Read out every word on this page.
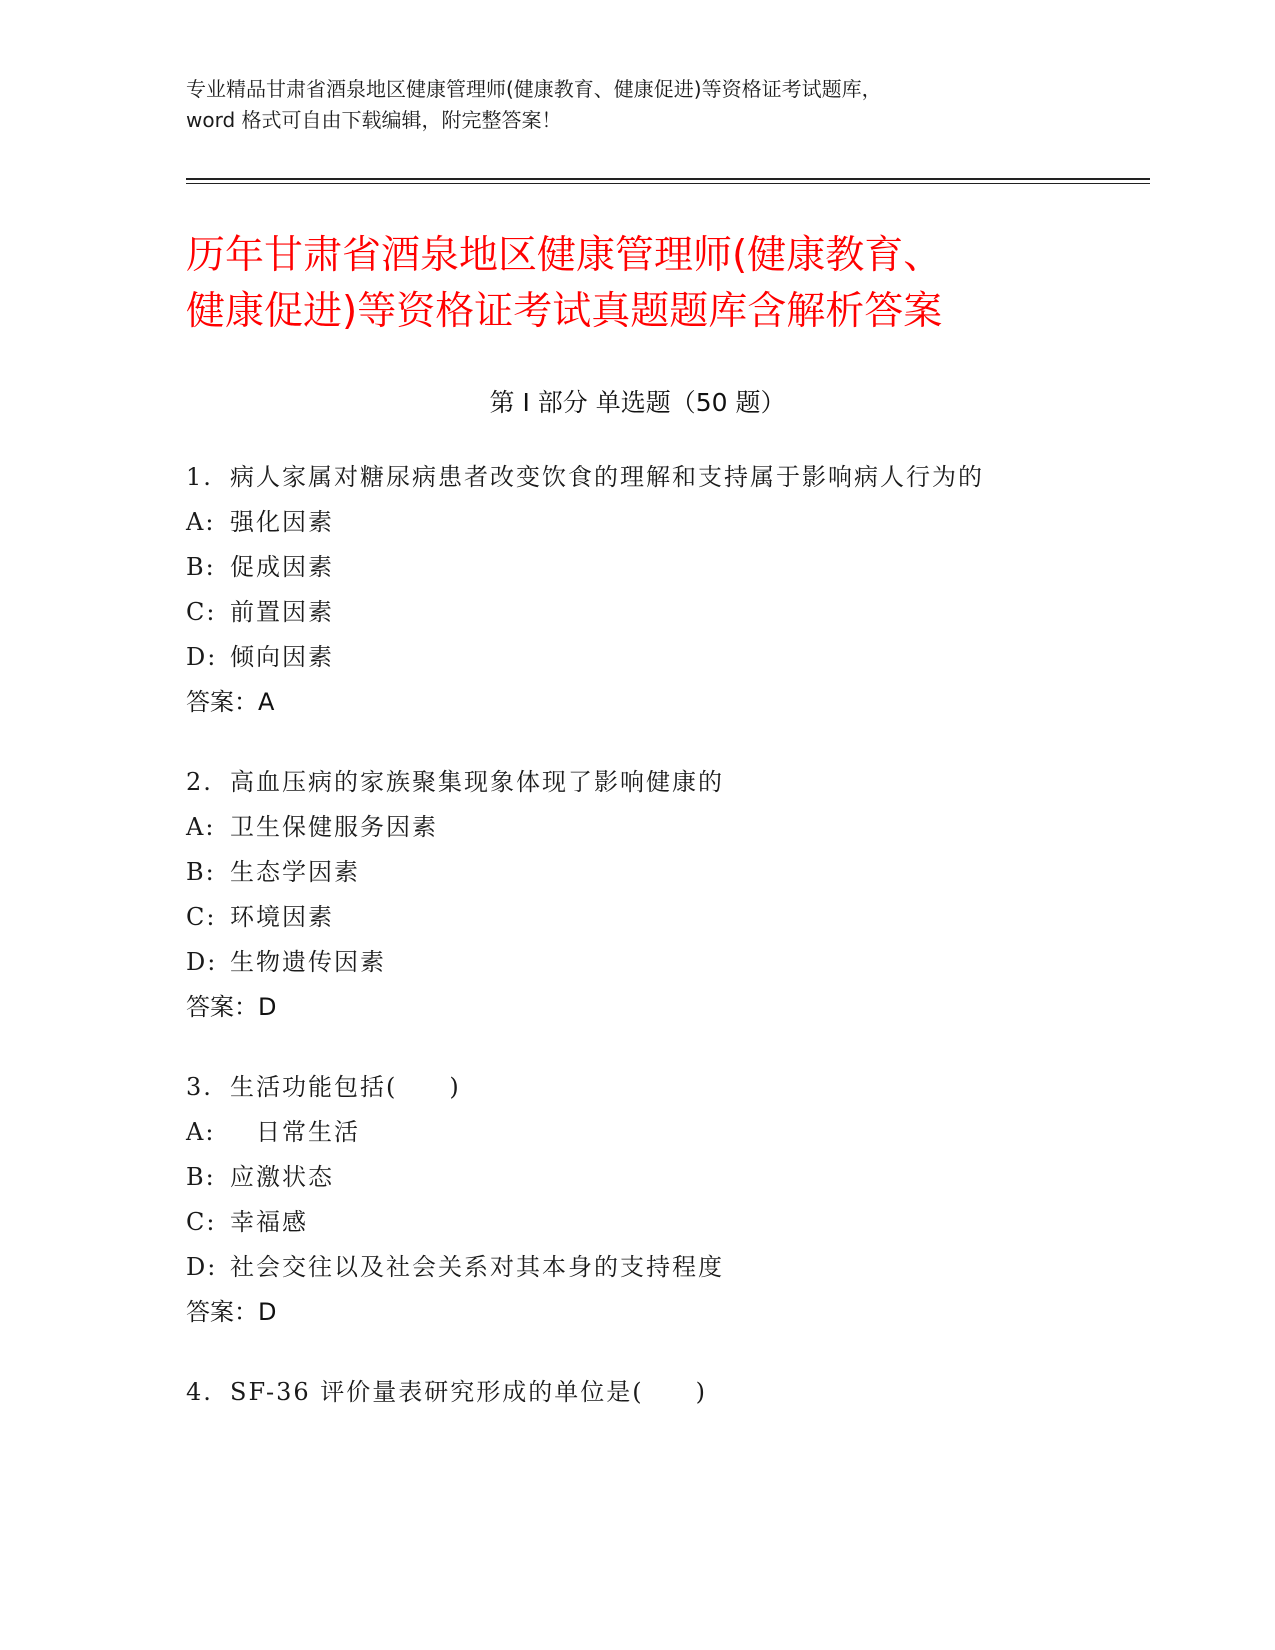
专业精品甘肃省酒泉地区健康管理师(健康教育、健康促进)等资格证考试题库，
word 格式可自由下载编辑，附完整答案！
历年甘肃省酒泉地区健康管理师(健康教育、
健康促进)等资格证考试真题题库含解析答案
第 I 部分 单选题（50 题）
1. 病人家属对糖尿病患者改变饮食的理解和支持属于影响病人行为的
A: 强化因素
B: 促成因素
C: 前置因素
D: 倾向因素
答案：A
2. 高血压病的家族聚集现象体现了影响健康的
A: 卫生保健服务因素
B: 生态学因素
C: 环境因素
D: 生物遗传因素
答案：D
3. 生活功能包括(　　)
A:　日常生活
B: 应激状态
C: 幸福感
D: 社会交往以及社会关系对其本身的支持程度
答案：D
4. SF-36 评价量表研究形成的单位是(　　)
